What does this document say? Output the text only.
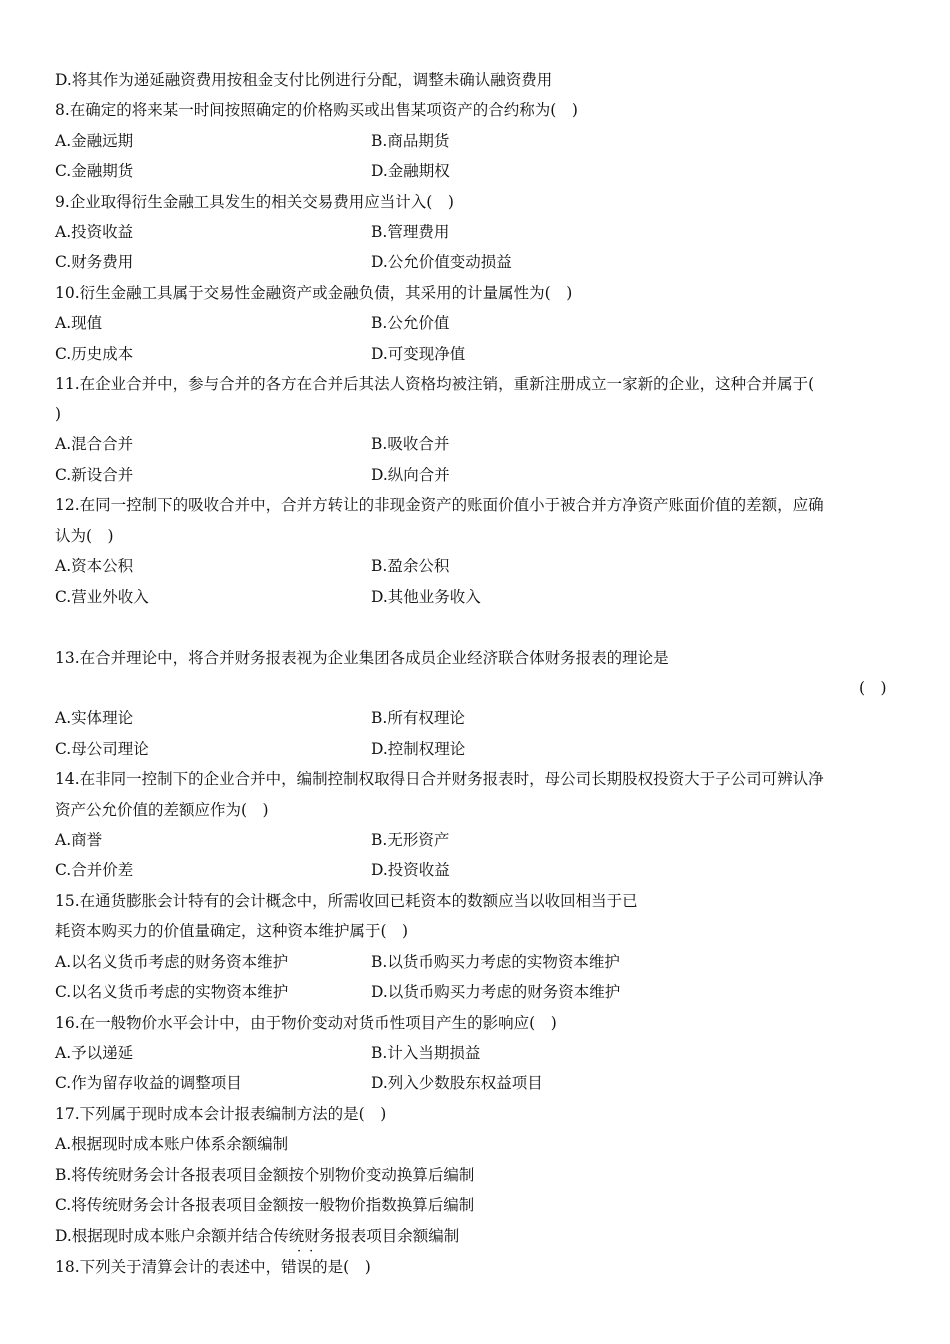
D.将其作为递延融资费用按租金支付比例进行分配，调整未确认融资费用
8.在确定的将来某一时间按照确定的价格购买或出售某项资产的合约称为( )
A.金融远期	B.商品期货
C.金融期货	D.金融期权
9.企业取得衍生金融工具发生的相关交易费用应当计入( )
A.投资收益	B.管理费用
C.财务费用	D.公允价值变动损益
10.衍生金融工具属于交易性金融资产或金融负债，其采用的计量属性为( )
A.现值	B.公允价值
C.历史成本	D.可变现净值
11.在企业合并中，参与合并的各方在合并后其法人资格均被注销，重新注册成立一家新的企业，这种合并属于(
)
A.混合合并	B.吸收合并
C.新设合并	D.纵向合并
12.在同一控制下的吸收合并中，合并方转让的非现金资产的账面价值小于被合并方净资产账面价值的差额，应确
认为( )
A.资本公积	B.盈余公积
C.营业外收入	D.其他业务收入
13.在合并理论中，将合并财务报表视为企业集团各成员企业经济联合体财务报表的理论是
( )
A.实体理论	B.所有权理论
C.母公司理论	D.控制权理论
14.在非同一控制下的企业合并中，编制控制权取得日合并财务报表时，母公司长期股权投资大于子公司可辨认净
资产公允价值的差额应作为( )
A.商誉	B.无形资产
C.合并价差	D.投资收益
15.在通货膨胀会计特有的会计概念中，所需收回已耗资本的数额应当以收回相当于已
耗资本购买力的价值量确定，这种资本维护属于( )
A.以名义货币考虑的财务资本维护	B.以货币购买力考虑的实物资本维护
C.以名义货币考虑的实物资本维护	D.以货币购买力考虑的财务资本维护
16.在一般物价水平会计中，由于物价变动对货币性项目产生的影响应( )
A.予以递延	B.计入当期损益
C.作为留存收益的调整项目	D.列入少数股东权益项目
17.下列属于现时成本会计报表编制方法的是( )
A.根据现时成本账户体系余额编制
B.将传统财务会计各报表项目金额按个别物价变动换算后编制
C.将传统财务会计各报表项目金额按一般物价指数换算后编制
D.根据现时成本账户余额并结合传统财务报表项目余额编制
··
18.下列关于清算会计的表述中，错误的是( )
